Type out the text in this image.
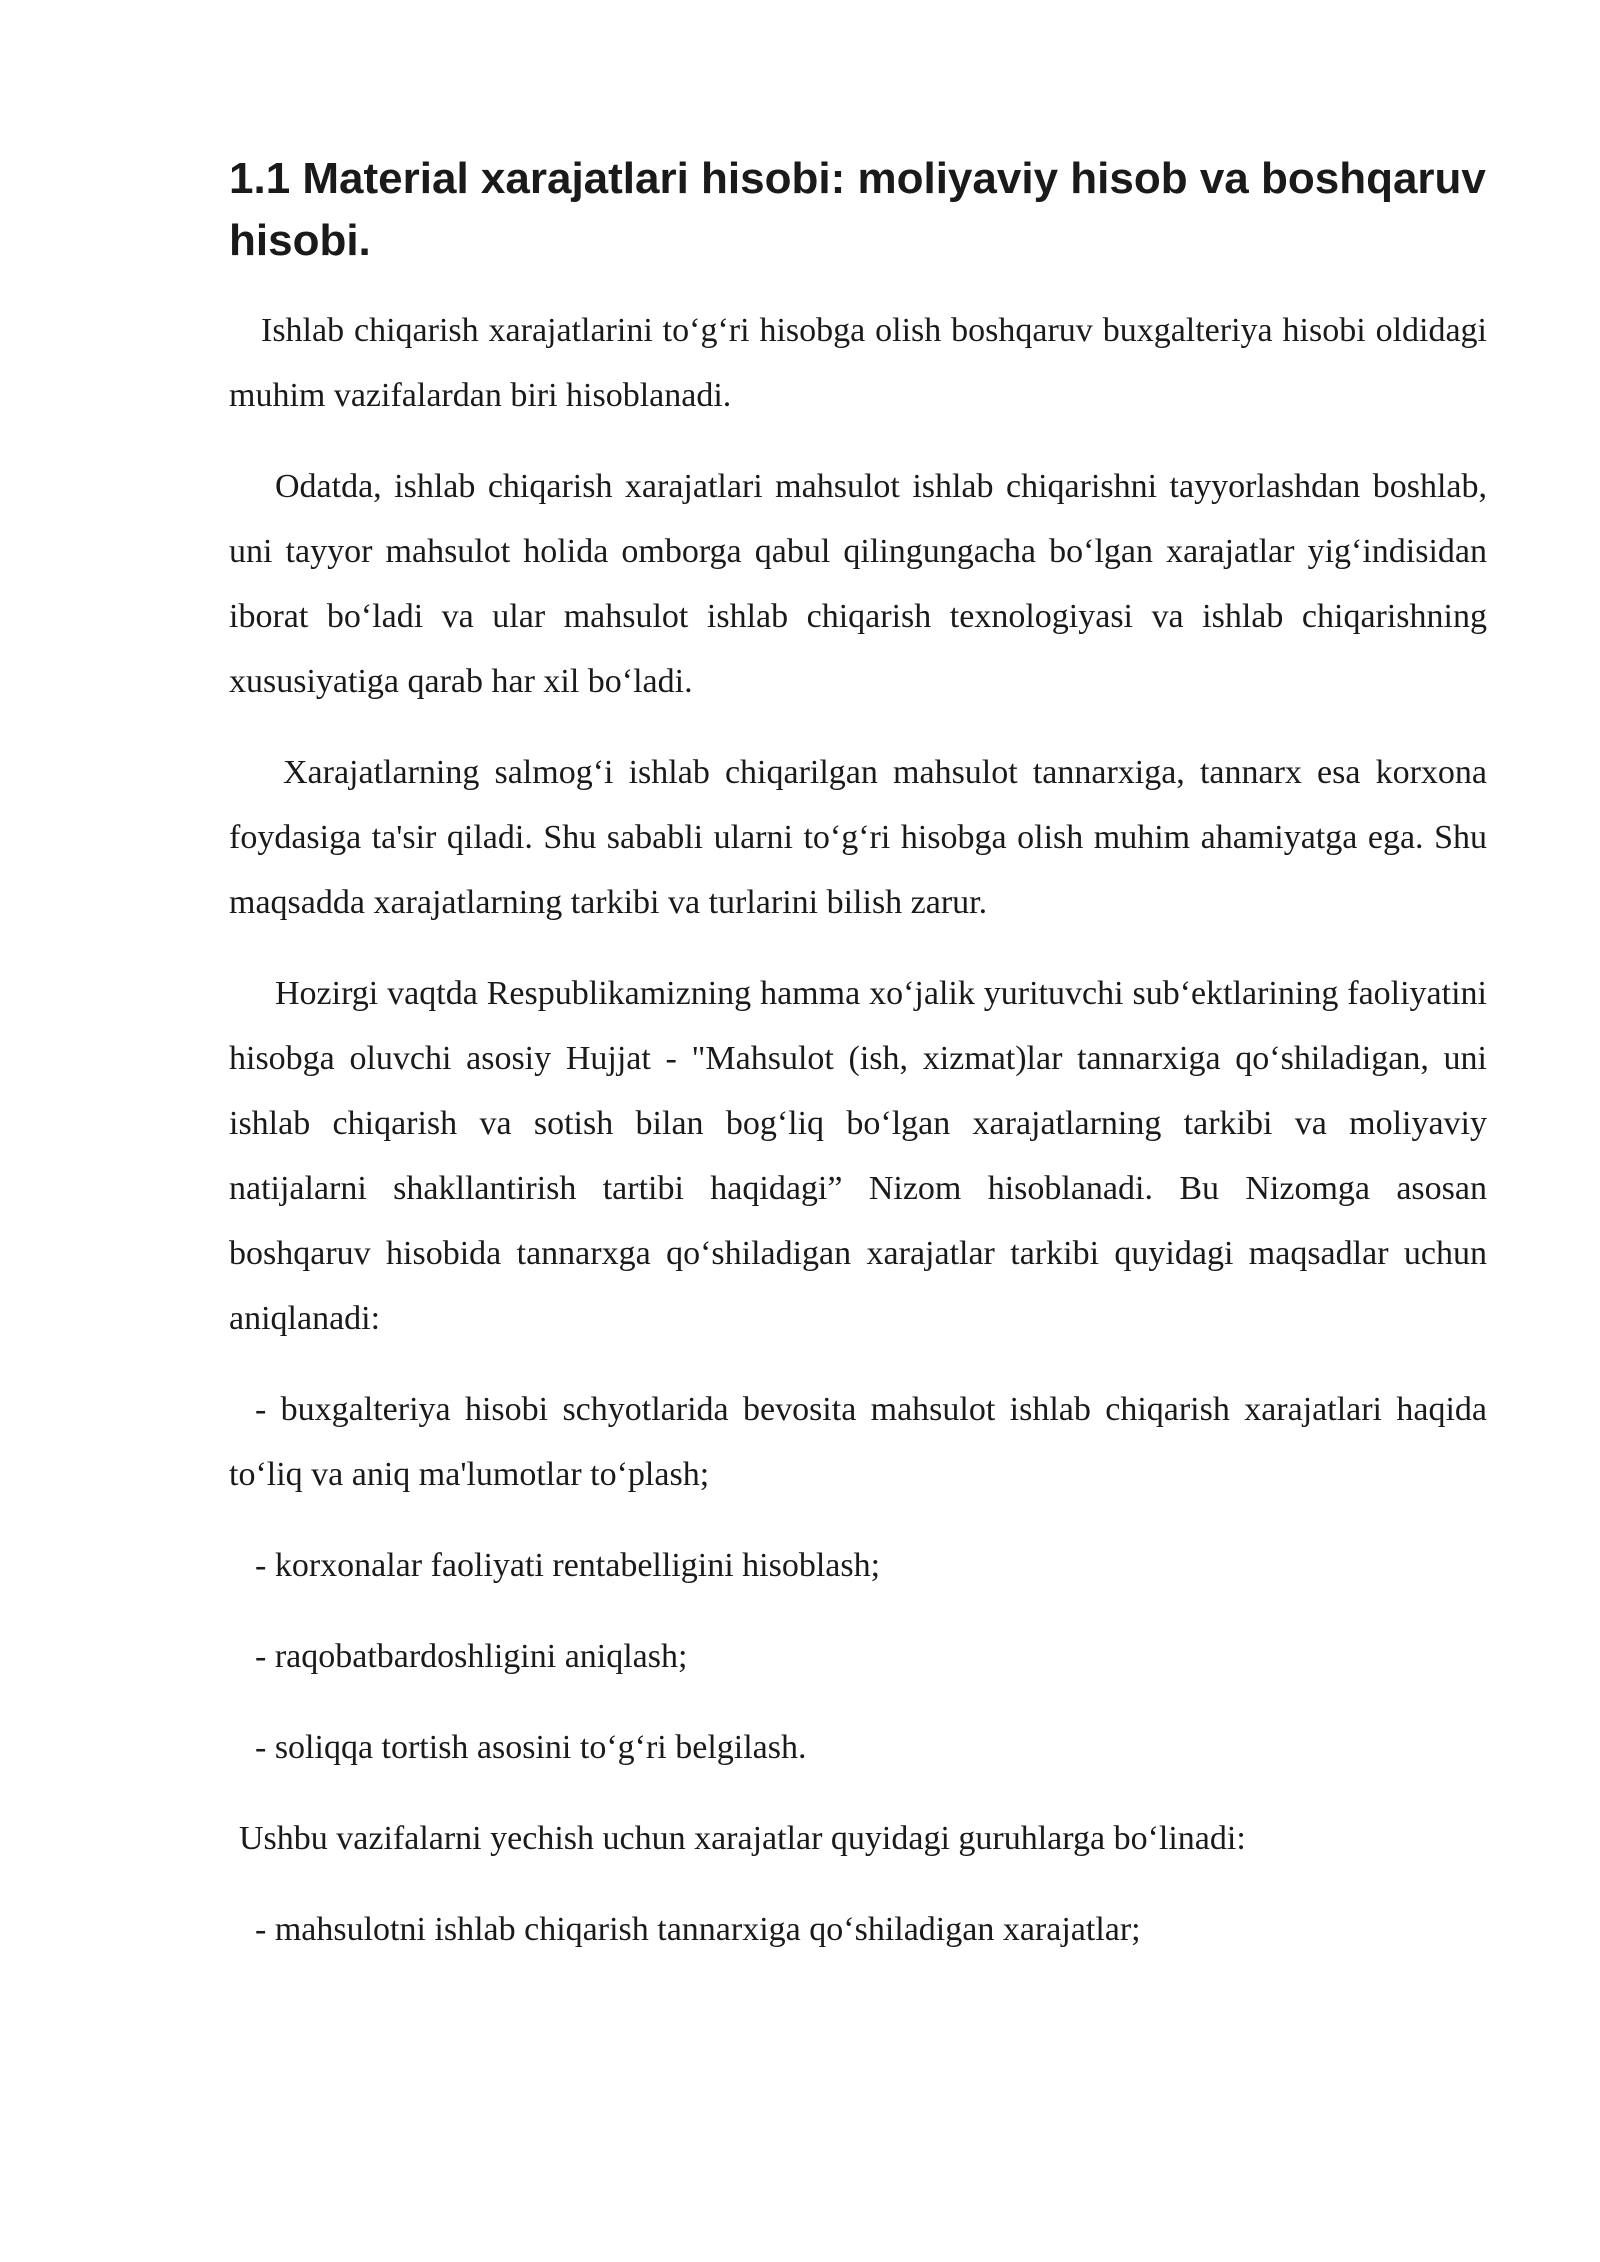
1.1 Material xarajatlari hisobi: moliyaviy hisob va boshqaruv hisobi.

Ishlab chiqarish xarajatlarini to‘g‘ri hisobga olish boshqaruv buxgalteriya hisobi oldidagi muhim vazifalardan biri hisoblanadi.

Odatda, ishlab chiqarish xarajatlari mahsulot ishlab chiqarishni tayyorlashdan boshlab, uni tayyor mahsulot holida omborga qabul qilingungacha bo‘lgan xarajatlar yig‘indisidan iborat bo‘ladi va ular mahsulot ishlab chiqarish texnologiyasi va ishlab chiqarishning xususiyatiga qarab har xil bo‘ladi.

Xarajatlarning salmog‘i ishlab chiqarilgan mahsulot tannarxiga, tannarx esa korxona foydasiga ta'sir qiladi. Shu sababli ularni to‘g‘ri hisobga olish muhim ahamiyatga ega. Shu maqsadda xarajatlarning tarkibi va turlarini bilish zarur.

Hozirgi vaqtda Respublikamizning hamma xo‘jalik yurituvchi sub‘ektlarining faoliyatini hisobga oluvchi asosiy Hujjat - "Mahsulot (ish, xizmat)lar tannarxiga qo‘shiladigan, uni ishlab chiqarish va sotish bilan bog‘liq bo‘lgan xarajatlarning tarkibi va moliyaviy natijalarni shakllantirish tartibi haqidagi” Nizom hisoblanadi. Bu Nizomga asosan boshqaruv hisobida tannarxga qo‘shiladigan xarajatlar tarkibi quyidagi maqsadlar uchun aniqlanadi:

- buxgalteriya hisobi schyotlarida bevosita mahsulot ishlab chiqarish xarajatlari haqida to‘liq va aniq ma'lumotlar to‘plash;

- korxonalar faoliyati rentabelligini hisoblash;

- raqobatbardoshligini aniqlash;

- soliqqa tortish asosini to‘g‘ri belgilash.

Ushbu vazifalarni yechish uchun xarajatlar quyidagi guruhlarga bo‘linadi:

- mahsulotni ishlab chiqarish tannarxiga qo‘shiladigan xarajatlar;
